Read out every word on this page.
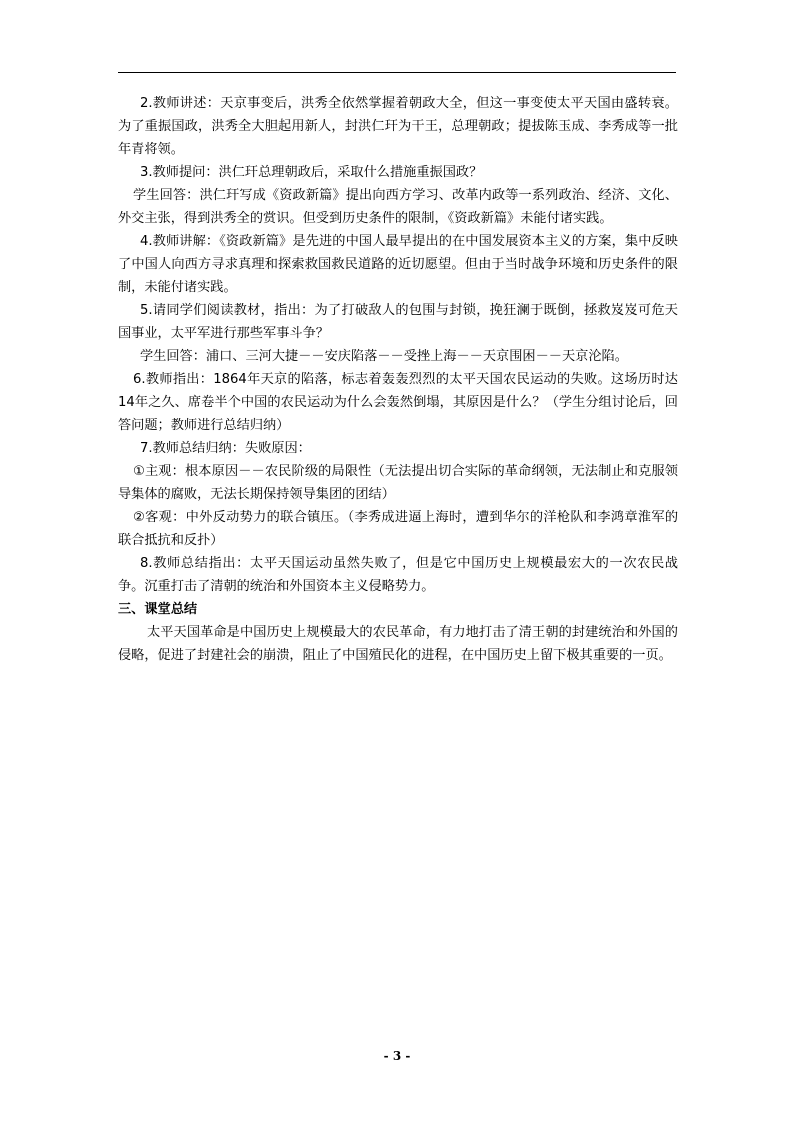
2.教师讲述：天京事变后，洪秀全依然掌握着朝政大全，但这一事变使太平天国由盛转衰。为了重振国政，洪秀全大胆起用新人，封洪仁玕为干王，总理朝政；提拔陈玉成、李秀成等一批年青将领。

3.教师提问：洪仁玕总理朝政后，采取什么措施重振国政？

学生回答：洪仁玕写成《资政新篇》提出向西方学习、改革内政等一系列政治、经济、文化、外交主张，得到洪秀全的赏识。但受到历史条件的限制，《资政新篇》未能付诸实践。

4.教师讲解：《资政新篇》是先进的中国人最早提出的在中国发展资本主义的方案，集中反映了中国人向西方寻求真理和探索救国救民道路的近切愿望。但由于当时战争环境和历史条件的限制，未能付诸实践。

5.请同学们阅读教材，指出：为了打破敌人的包围与封锁，挽狂澜于既倒，拯救岌岌可危天国事业，太平军进行那些军事斗争？

学生回答：浦口、三河大捷－－安庆陷落－－受挫上海－－天京围困－－天京沦陷。

6.教师指出：1864年天京的陷落，标志着轰轰烈烈的太平天国农民运动的失败。这场历时达14年之久、席卷半个中国的农民运动为什么会轰然倒塌，其原因是什么？（学生分组讨论后，回答问题；教师进行总结归纳）

7.教师总结归纳：失败原因：

①主观：根本原因－－农民阶级的局限性（无法提出切合实际的革命纲领，无法制止和克服领导集体的腐败，无法长期保持领导集团的团结）

②客观：中外反动势力的联合镇压。（李秀成进逼上海时，遭到华尔的洋枪队和李鸿章淮军的联合抵抗和反扑）

8.教师总结指出：太平天国运动虽然失败了，但是它中国历史上规模最宏大的一次农民战争。沉重打击了清朝的统治和外国资本主义侵略势力。

三、课堂总结

太平天国革命是中国历史上规模最大的农民革命，有力地打击了清王朝的封建统治和外国的侵略，促进了封建社会的崩溃，阻止了中国殖民化的进程，在中国历史上留下极其重要的一页。

- 3 -
